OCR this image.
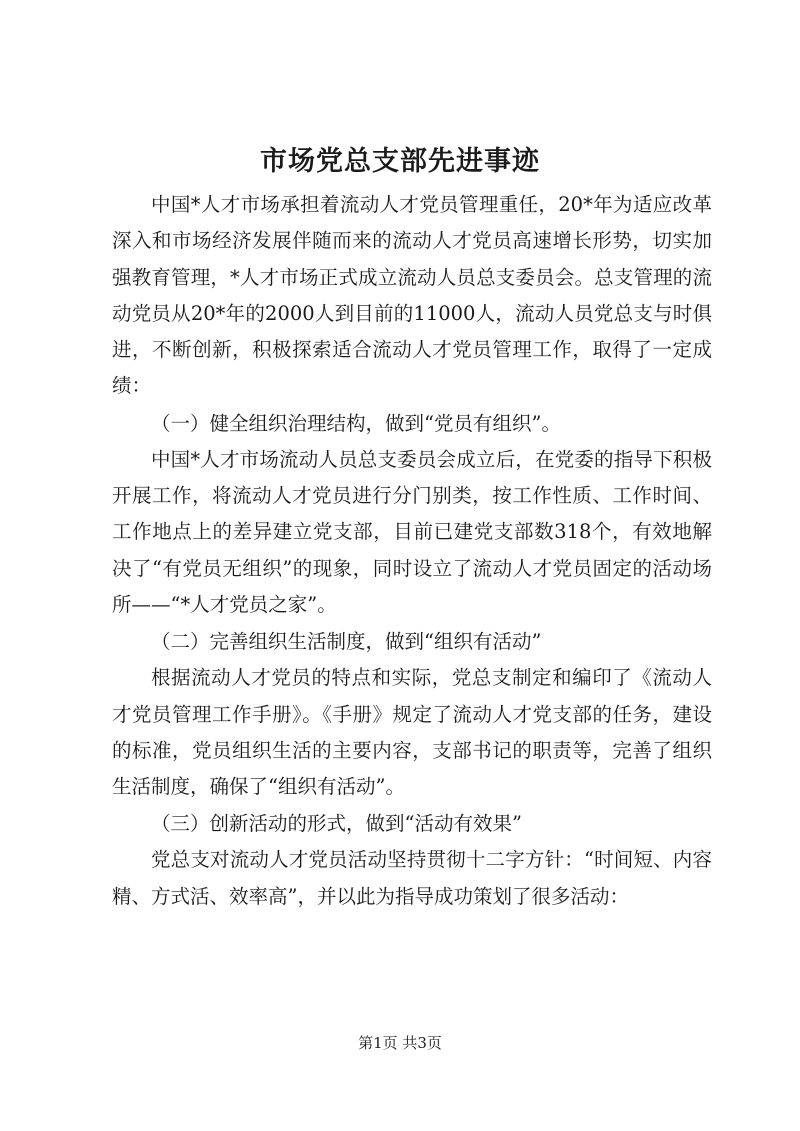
市场党总支部先进事迹

中国*人才市场承担着流动人才党员管理重任，20*年为适应改革深入和市场经济发展伴随而来的流动人才党员高速增长形势，切实加强教育管理，*人才市场正式成立流动人员总支委员会。总支管理的流动党员从20*年的2000人到目前的11000人，流动人员党总支与时俱进，不断创新，积极探索适合流动人才党员管理工作，取得了一定成绩：

（一）健全组织治理结构，做到“党员有组织”。

中国*人才市场流动人员总支委员会成立后，在党委的指导下积极开展工作，将流动人才党员进行分门别类，按工作性质、工作时间、工作地点上的差异建立党支部，目前已建党支部数318个，有效地解决了“有党员无组织”的现象，同时设立了流动人才党员固定的活动场所——“*人才党员之家”。

（二）完善组织生活制度，做到“组织有活动”

根据流动人才党员的特点和实际，党总支制定和编印了《流动人才党员管理工作手册》。《手册》规定了流动人才党支部的任务，建设的标准，党员组织生活的主要内容，支部书记的职责等，完善了组织生活制度，确保了“组织有活动”。

（三）创新活动的形式，做到“活动有效果”

党总支对流动人才党员活动坚持贯彻十二字方针：“时间短、内容精、方式活、效率高”，并以此为指导成功策划了很多活动：

第1页 共3页
